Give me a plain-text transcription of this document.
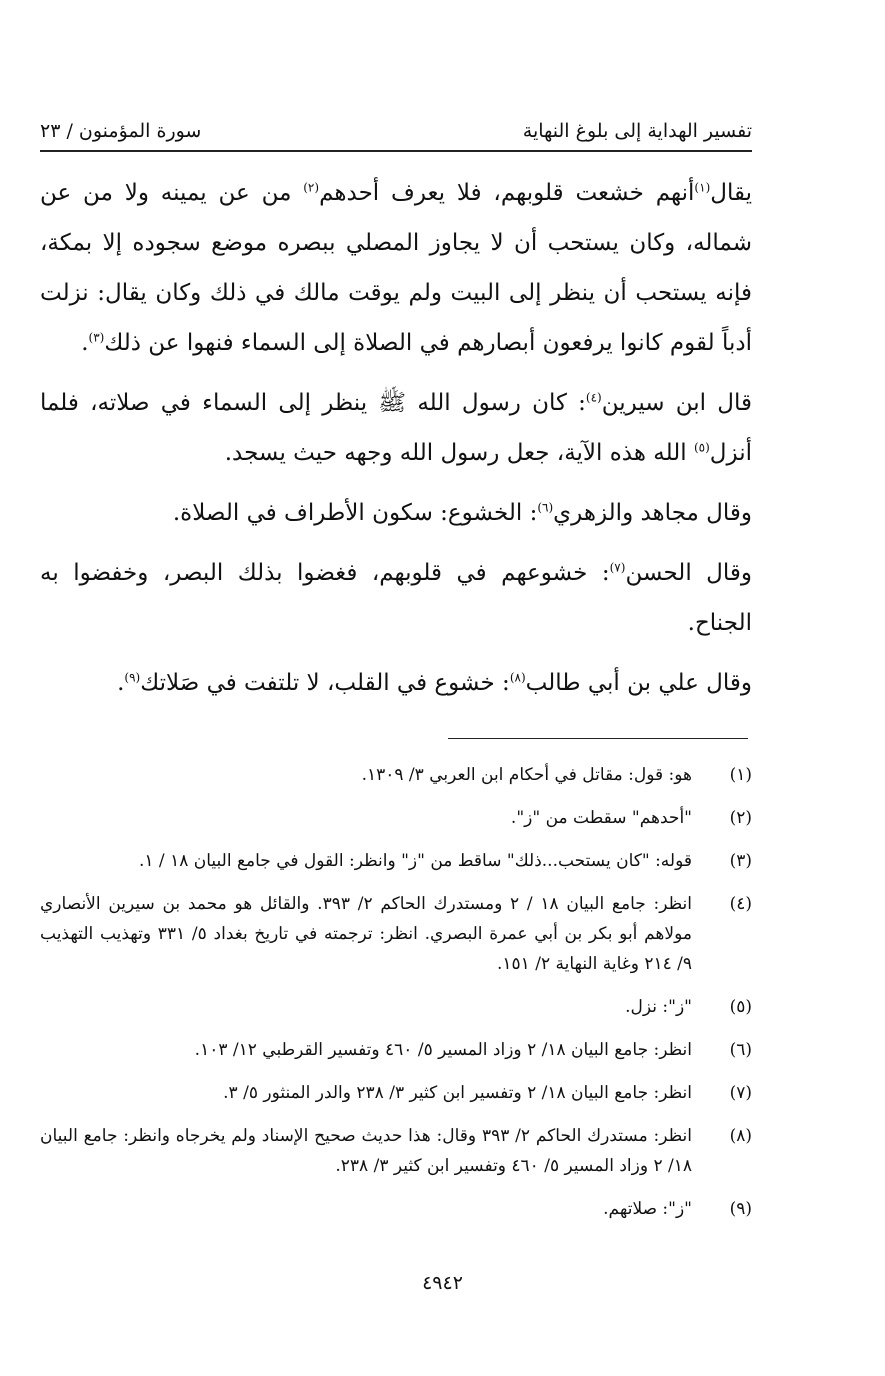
تفسير الهداية إلى بلوغ النهاية
سورة المؤمنون / ٢٣

يقال$^{(١)}$أنهم خشعت قلوبهم، فلا يعرف أحدهم$^{(٢)}$ من عن يمينه ولا من عن شماله، وكان يستحب أن لا يجاوز المصلي ببصره موضع سجوده إلا بمكة، فإنه يستحب أن ينظر إلى البيت ولم يوقت مالك في ذلك وكان يقال: نزلت أدباً لقوم كانوا يرفعون أبصارهم في الصلاة إلى السماء فنهوا عن ذلك$^{(٣)}$.

قال ابن سيرين$^{(٤)}$: كان رسول الله ﷺ ينظر إلى السماء في صلاته، فلما أنزل$^{(٥)}$ الله هذه الآية، جعل رسول الله وجهه حيث يسجد.

وقال مجاهد والزهري$^{(٦)}$: الخشوع: سكون الأطراف في الصلاة.

وقال الحسن$^{(٧)}$: خشوعهم في قلوبهم، فغضوا بذلك البصر، وخفضوا به الجناح.

وقال علي بن أبي طالب$^{(٨)}$: خشوع في القلب، لا تلتفت في صَلاتك$^{(٩)}$.

(١)
هو: قول: مقاتل في أحكام ابن العربي ٣/ ١٣٠٩.
(٢)
"أحدهم" سقطت من "ز".
(٣)
قوله: "كان يستحب...ذلك" ساقط من "ز" وانظر: القول في جامع البيان ١٨ / ١.
(٤)
انظر: جامع البيان ١٨ / ٢ ومستدرك الحاكم ٢/ ٣٩٣. والقائل هو محمد بن سيرين الأنصاري مولاهم أبو بكر بن أبي عمرة البصري. انظر: ترجمته في تاريخ بغداد ٥/ ٣٣١ وتهذيب التهذيب ٩/ ٢١٤ وغاية النهاية ٢/ ١٥١.
(٥)
"ز": نزل.
(٦)
انظر: جامع البيان ١٨/ ٢ وزاد المسير ٥/ ٤٦٠ وتفسير القرطبي ١٢/ ١٠٣.
(٧)
انظر: جامع البيان ١٨/ ٢ وتفسير ابن كثير ٣/ ٢٣٨ والدر المنثور ٥/ ٣.
(٨)
انظر: مستدرك الحاكم ٢/ ٣٩٣ وقال: هذا حديث صحيح الإسناد ولم يخرجاه وانظر: جامع البيان ١٨/ ٢ وزاد المسير ٥/ ٤٦٠ وتفسير ابن كثير ٣/ ٢٣٨.
(٩)
"ز": صلاتهم.
٤٩٤٢
